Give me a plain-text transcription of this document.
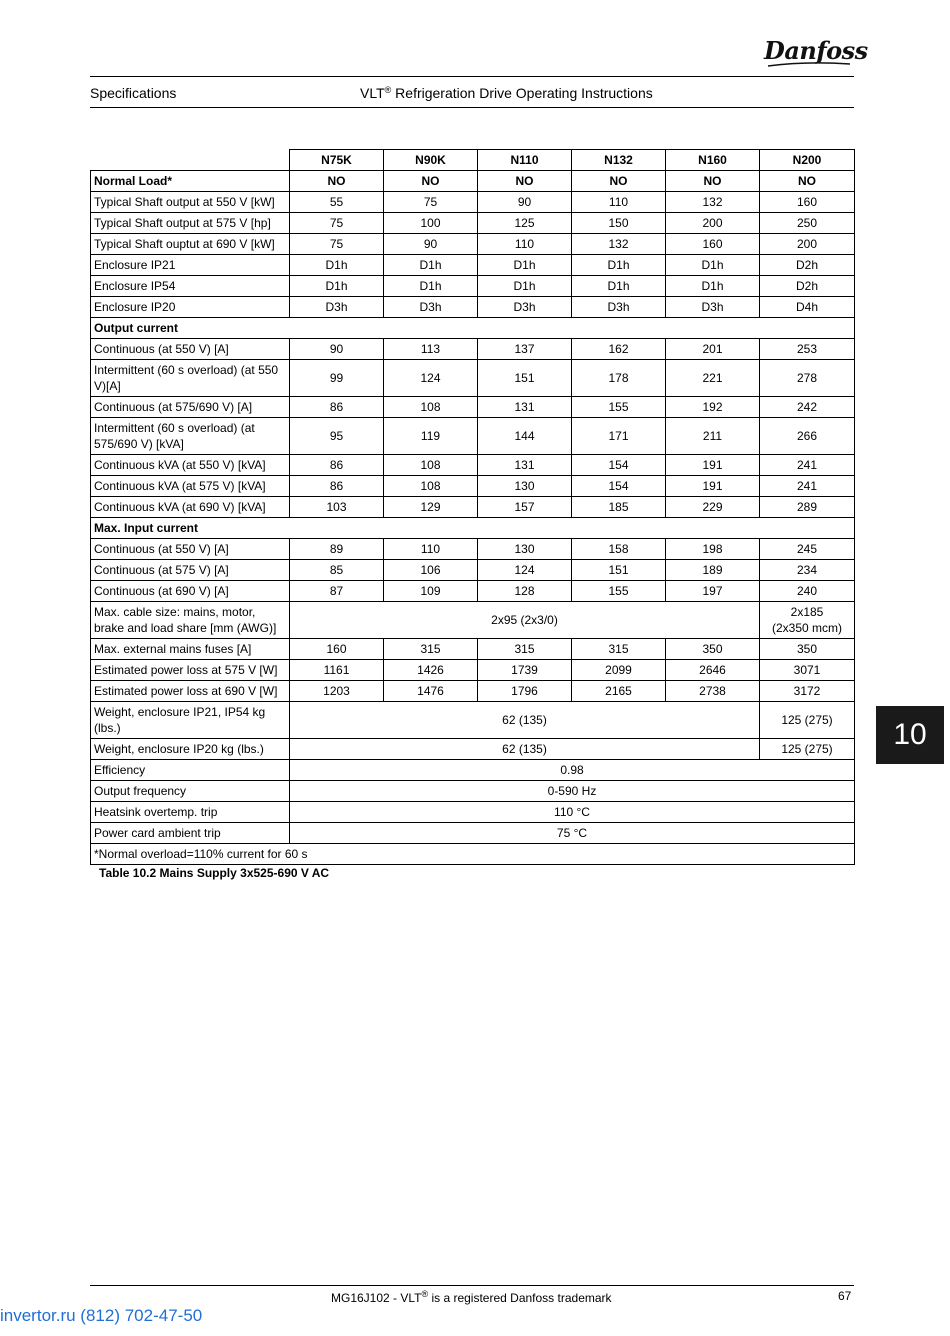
Danfoss
Specifications	VLT® Refrigeration Drive Operating Instructions
	N75K	N90K	N110	N132	N160	N200
Normal Load*	NO	NO	NO	NO	NO	NO
Typical Shaft output at 550 V [kW]	55	75	90	110	132	160
Typical Shaft output at 575 V [hp]	75	100	125	150	200	250
Typical Shaft ouptut at 690 V [kW]	75	90	110	132	160	200
Enclosure IP21	D1h	D1h	D1h	D1h	D1h	D2h
Enclosure IP54	D1h	D1h	D1h	D1h	D1h	D2h
Enclosure IP20	D3h	D3h	D3h	D3h	D3h	D4h
Output current						
Continuous (at 550 V) [A]	90	113	137	162	201	253
Intermittent (60 s overload) (at 550 V)[A]	99	124	151	178	221	278
Continuous (at 575/690 V) [A]	86	108	131	155	192	242
Intermittent (60 s overload) (at 575/690 V) [kVA]	95	119	144	171	211	266
Continuous kVA (at 550 V) [kVA]	86	108	131	154	191	241
Continuous kVA (at 575 V) [kVA]	86	108	130	154	191	241
Continuous kVA (at 690 V) [kVA]	103	129	157	185	229	289
Max. Input current						
Continuous (at 550 V) [A]	89	110	130	158	198	245
Continuous (at 575 V) [A]	85	106	124	151	189	234
Continuous (at 690 V) [A]	87	109	128	155	197	240
Max. cable size: mains, motor, brake and load share [mm (AWG)]	2x95 (2x3/0)					2x185
(2x350 mcm)

Max. external mains fuses [A]	160	315	315	315	350	350
Estimated power loss at 575 V [W]	1161	1426	1739	2099	2646	3071
Estimated power loss at 690 V [W]	1203	1476	1796	2165	2738	3172
Weight, enclosure IP21, IP54 kg (lbs.)	62 (135)					125 (275)
Weight, enclosure IP20 kg (lbs.)	62 (135)					125 (275)
Efficiency	0.98					
Output frequency	0-590 Hz					
Heatsink overtemp. trip	110 °C					
Power card ambient trip	75 °C					
*Normal overload=110% current for 60 s						
Table 10.2 Mains Supply 3x525-690 V AC
10
MG16J102 - VLT® is a registered Danfoss trademark	67
invertor.ru (812) 702-47-50
